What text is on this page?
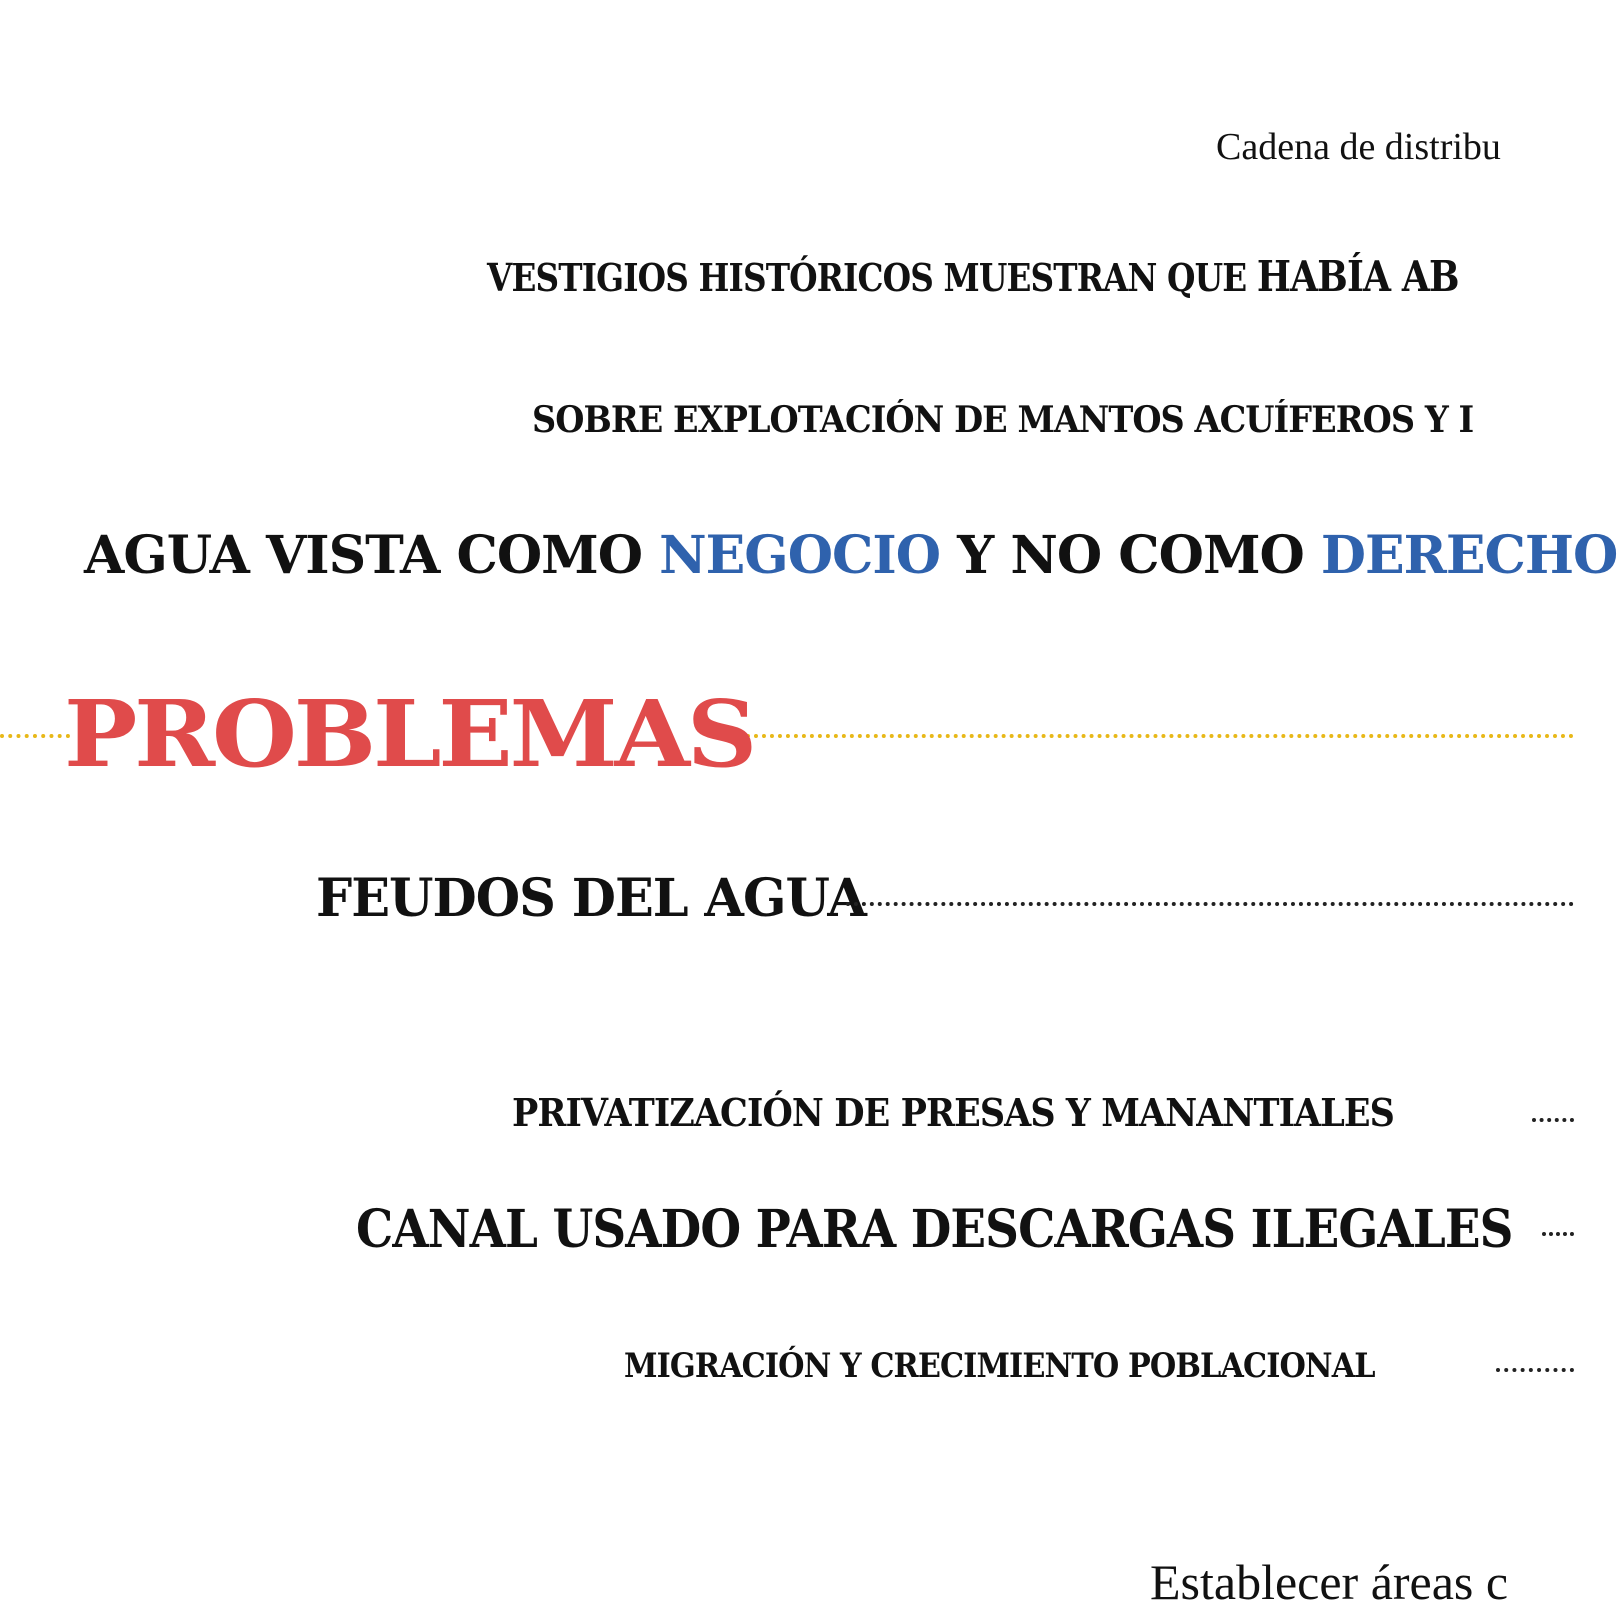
Cadena de distribu
VESTIGIOS HISTÓRICOS MUESTRAN QUE HABÍA AB
SOBRE EXPLOTACIÓN DE MANTOS ACUÍFEROS Y I
AGUA VISTA COMO NEGOCIO Y NO COMO DERECHO
PROBLEMAS
FEUDOS DEL AGUA
PRIVATIZACIÓN DE PRESAS Y MANANTIALES
CANAL USADO PARA DESCARGAS ILEGALES
MIGRACIÓN Y CRECIMIENTO POBLACIONAL
Establecer áreas c
